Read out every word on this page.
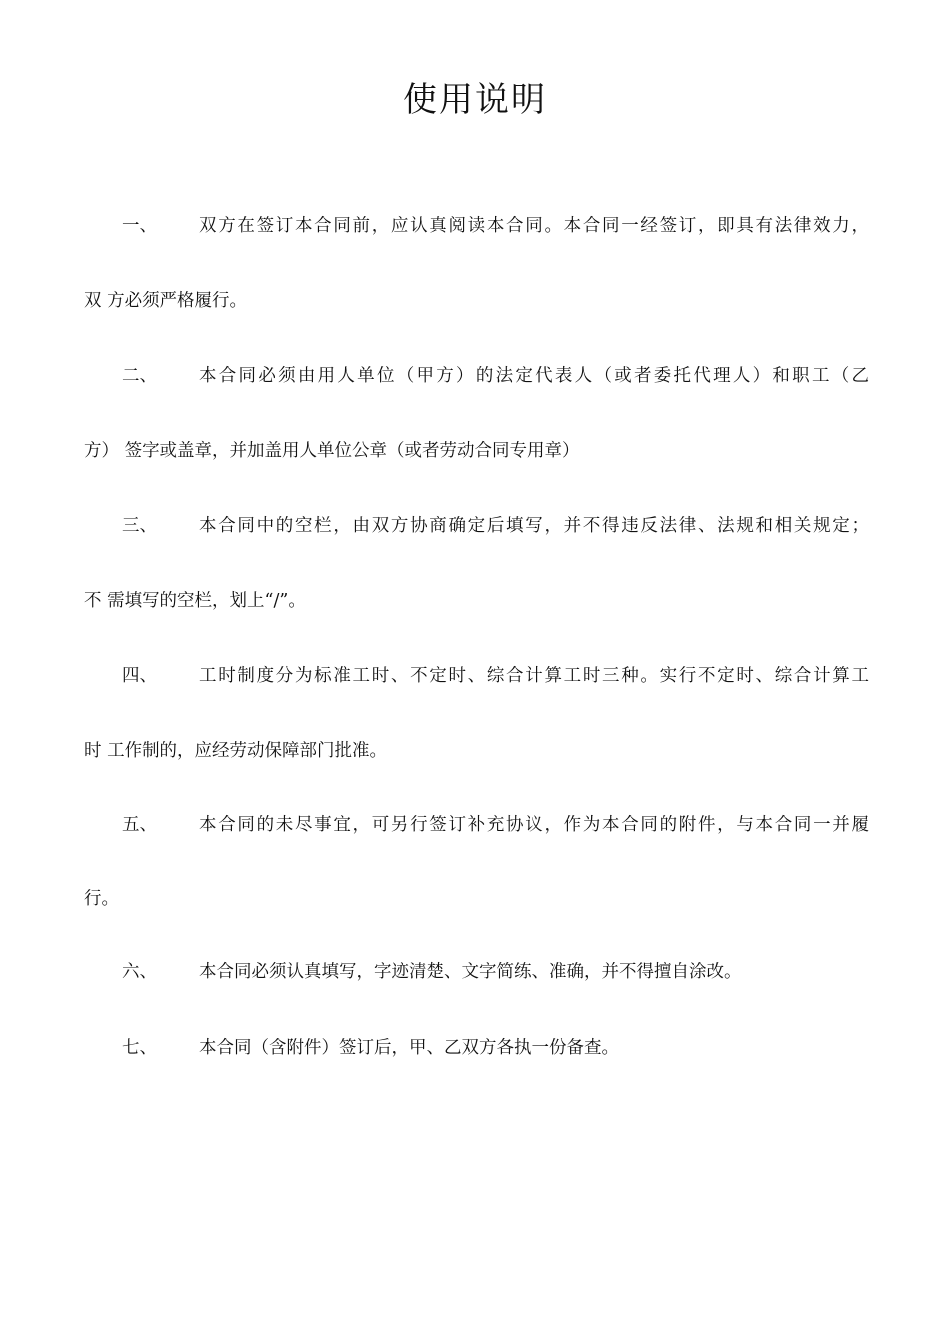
使用说明
一、 双方在签订本合同前，应认真阅读本合同。本合同一经签订，即具有法律效力，
双 方必须严格履行。
二、 本合同必须由用人单位（甲方）的法定代表人（或者委托代理人）和职工（乙
方） 签字或盖章，并加盖用人单位公章（或者劳动合同专用章）
三、 本合同中的空栏，由双方协商确定后填写，并不得违反法律、法规和相关规定；
不 需填写的空栏，划上“/”。
四、 工时制度分为标准工时、不定时、综合计算工时三种。实行不定时、综合计算工
时 工作制的，应经劳动保障部门批准。
五、 本合同的未尽事宜，可另行签订补充协议，作为本合同的附件，与本合同一并履
行。
六、 本合同必须认真填写，字迹清楚、文字简练、准确，并不得擅自涂改。
七、 本合同（含附件）签订后，甲、乙双方各执一份备查。
